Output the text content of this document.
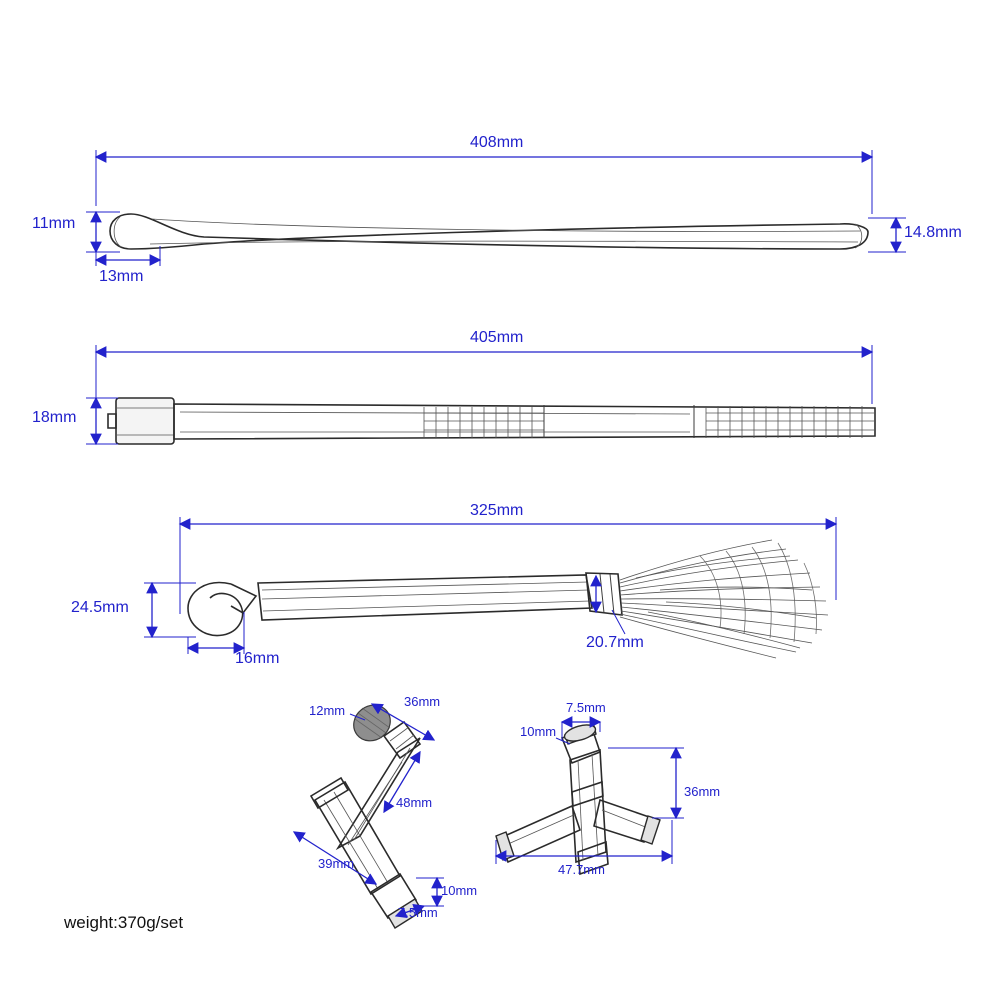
408mm
11mm
13mm
14.8mm
405mm
18mm
325mm
24.5mm
16mm
20.7mm
12mm
36mm
48mm
39mm
10mm
7.5mm
7.5mm
10mm
36mm
47.7mm
weight:370g/set
